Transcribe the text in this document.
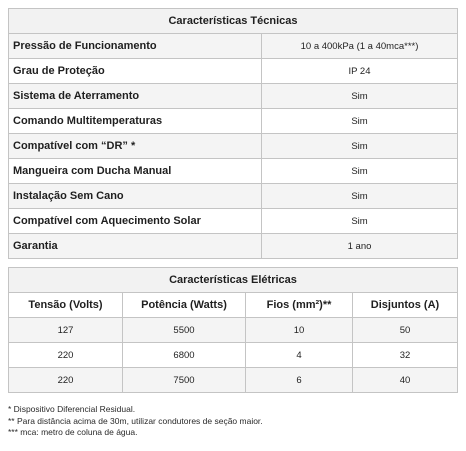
Características Técnicas	
Pressão de Funcionamento	10 a 400kPa (1 a 40mca***)
Grau de Proteção	IP 24
Sistema de Aterramento	Sim
Comando Multitemperaturas	Sim
Compatível com “DR” *	Sim
Mangueira com Ducha Manual	Sim
Instalação Sem Cano	Sim
Compatível com Aquecimento Solar	Sim
Garantia	1 ano
Características Elétricas			
Tensão (Volts)	Potência (Watts)	Fios (mm²)**	Disjuntos (A)
127	5500	10	50
220	6800	4	32
220	7500	6	40
* Dispositivo Diferencial Residual.
** Para distância acima de 30m, utilizar condutores de seção maior.
*** mca: metro de coluna de água.
